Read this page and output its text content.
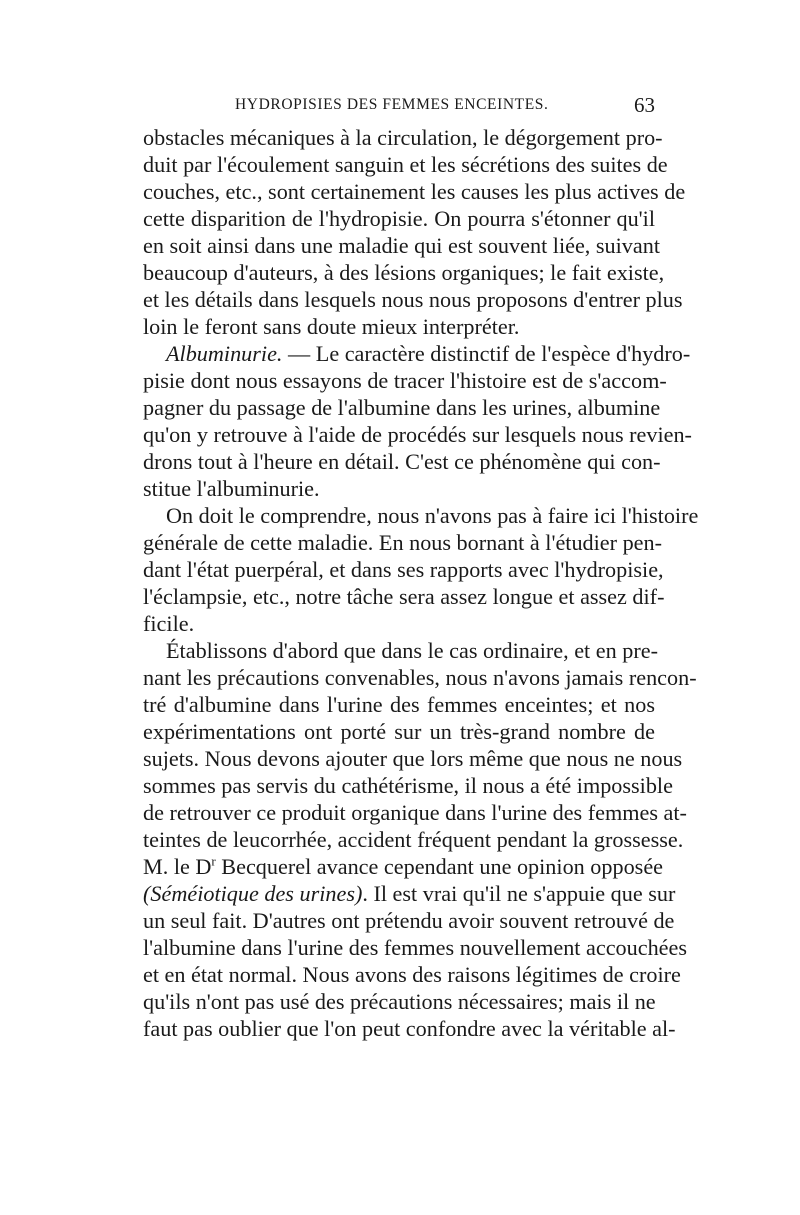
HYDROPISIES DES FEMMES ENCEINTES.	63
obstacles mécaniques à la circulation, le dégorgement pro-
duit par l'écoulement sanguin et les sécrétions des suites de
couches, etc., sont certainement les causes les plus actives de
cette disparition de l'hydropisie. On pourra s'étonner qu'il
en soit ainsi dans une maladie qui est souvent liée, suivant
beaucoup d'auteurs, à des lésions organiques; le fait existe,
et les détails dans lesquels nous nous proposons d'entrer plus
loin le feront sans doute mieux interpréter.
Albuminurie. — Le caractère distinctif de l'espèce d'hydro-
pisie dont nous essayons de tracer l'histoire est de s'accom-
pagner du passage de l'albumine dans les urines, albumine
qu'on y retrouve à l'aide de procédés sur lesquels nous revien-
drons tout à l'heure en détail. C'est ce phénomène qui con-
stitue l'albuminurie.
On doit le comprendre, nous n'avons pas à faire ici l'histoire
générale de cette maladie. En nous bornant à l'étudier pen-
dant l'état puerpéral, et dans ses rapports avec l'hydropisie,
l'éclampsie, etc., notre tâche sera assez longue et assez dif-
ficile.
Établissons d'abord que dans le cas ordinaire, et en pre-
nant les précautions convenables, nous n'avons jamais rencon-
tré d'albumine dans l'urine des femmes enceintes; et nos
expérimentations ont porté sur un très-grand nombre de
sujets. Nous devons ajouter que lors même que nous ne nous
sommes pas servis du cathétérisme, il nous a été impossible
de retrouver ce produit organique dans l'urine des femmes at-
teintes de leucorrhée, accident fréquent pendant la grossesse.
M. le $D^r$ Becquerel avance cependant une opinion opposée
(Séméiotique des urines). Il est vrai qu'il ne s'appuie que sur
un seul fait. D'autres ont prétendu avoir souvent retrouvé de
l'albumine dans l'urine des femmes nouvellement accouchées
et en état normal. Nous avons des raisons légitimes de croire
qu'ils n'ont pas usé des précautions nécessaires; mais il ne
faut pas oublier que l'on peut confondre avec la véritable al-
